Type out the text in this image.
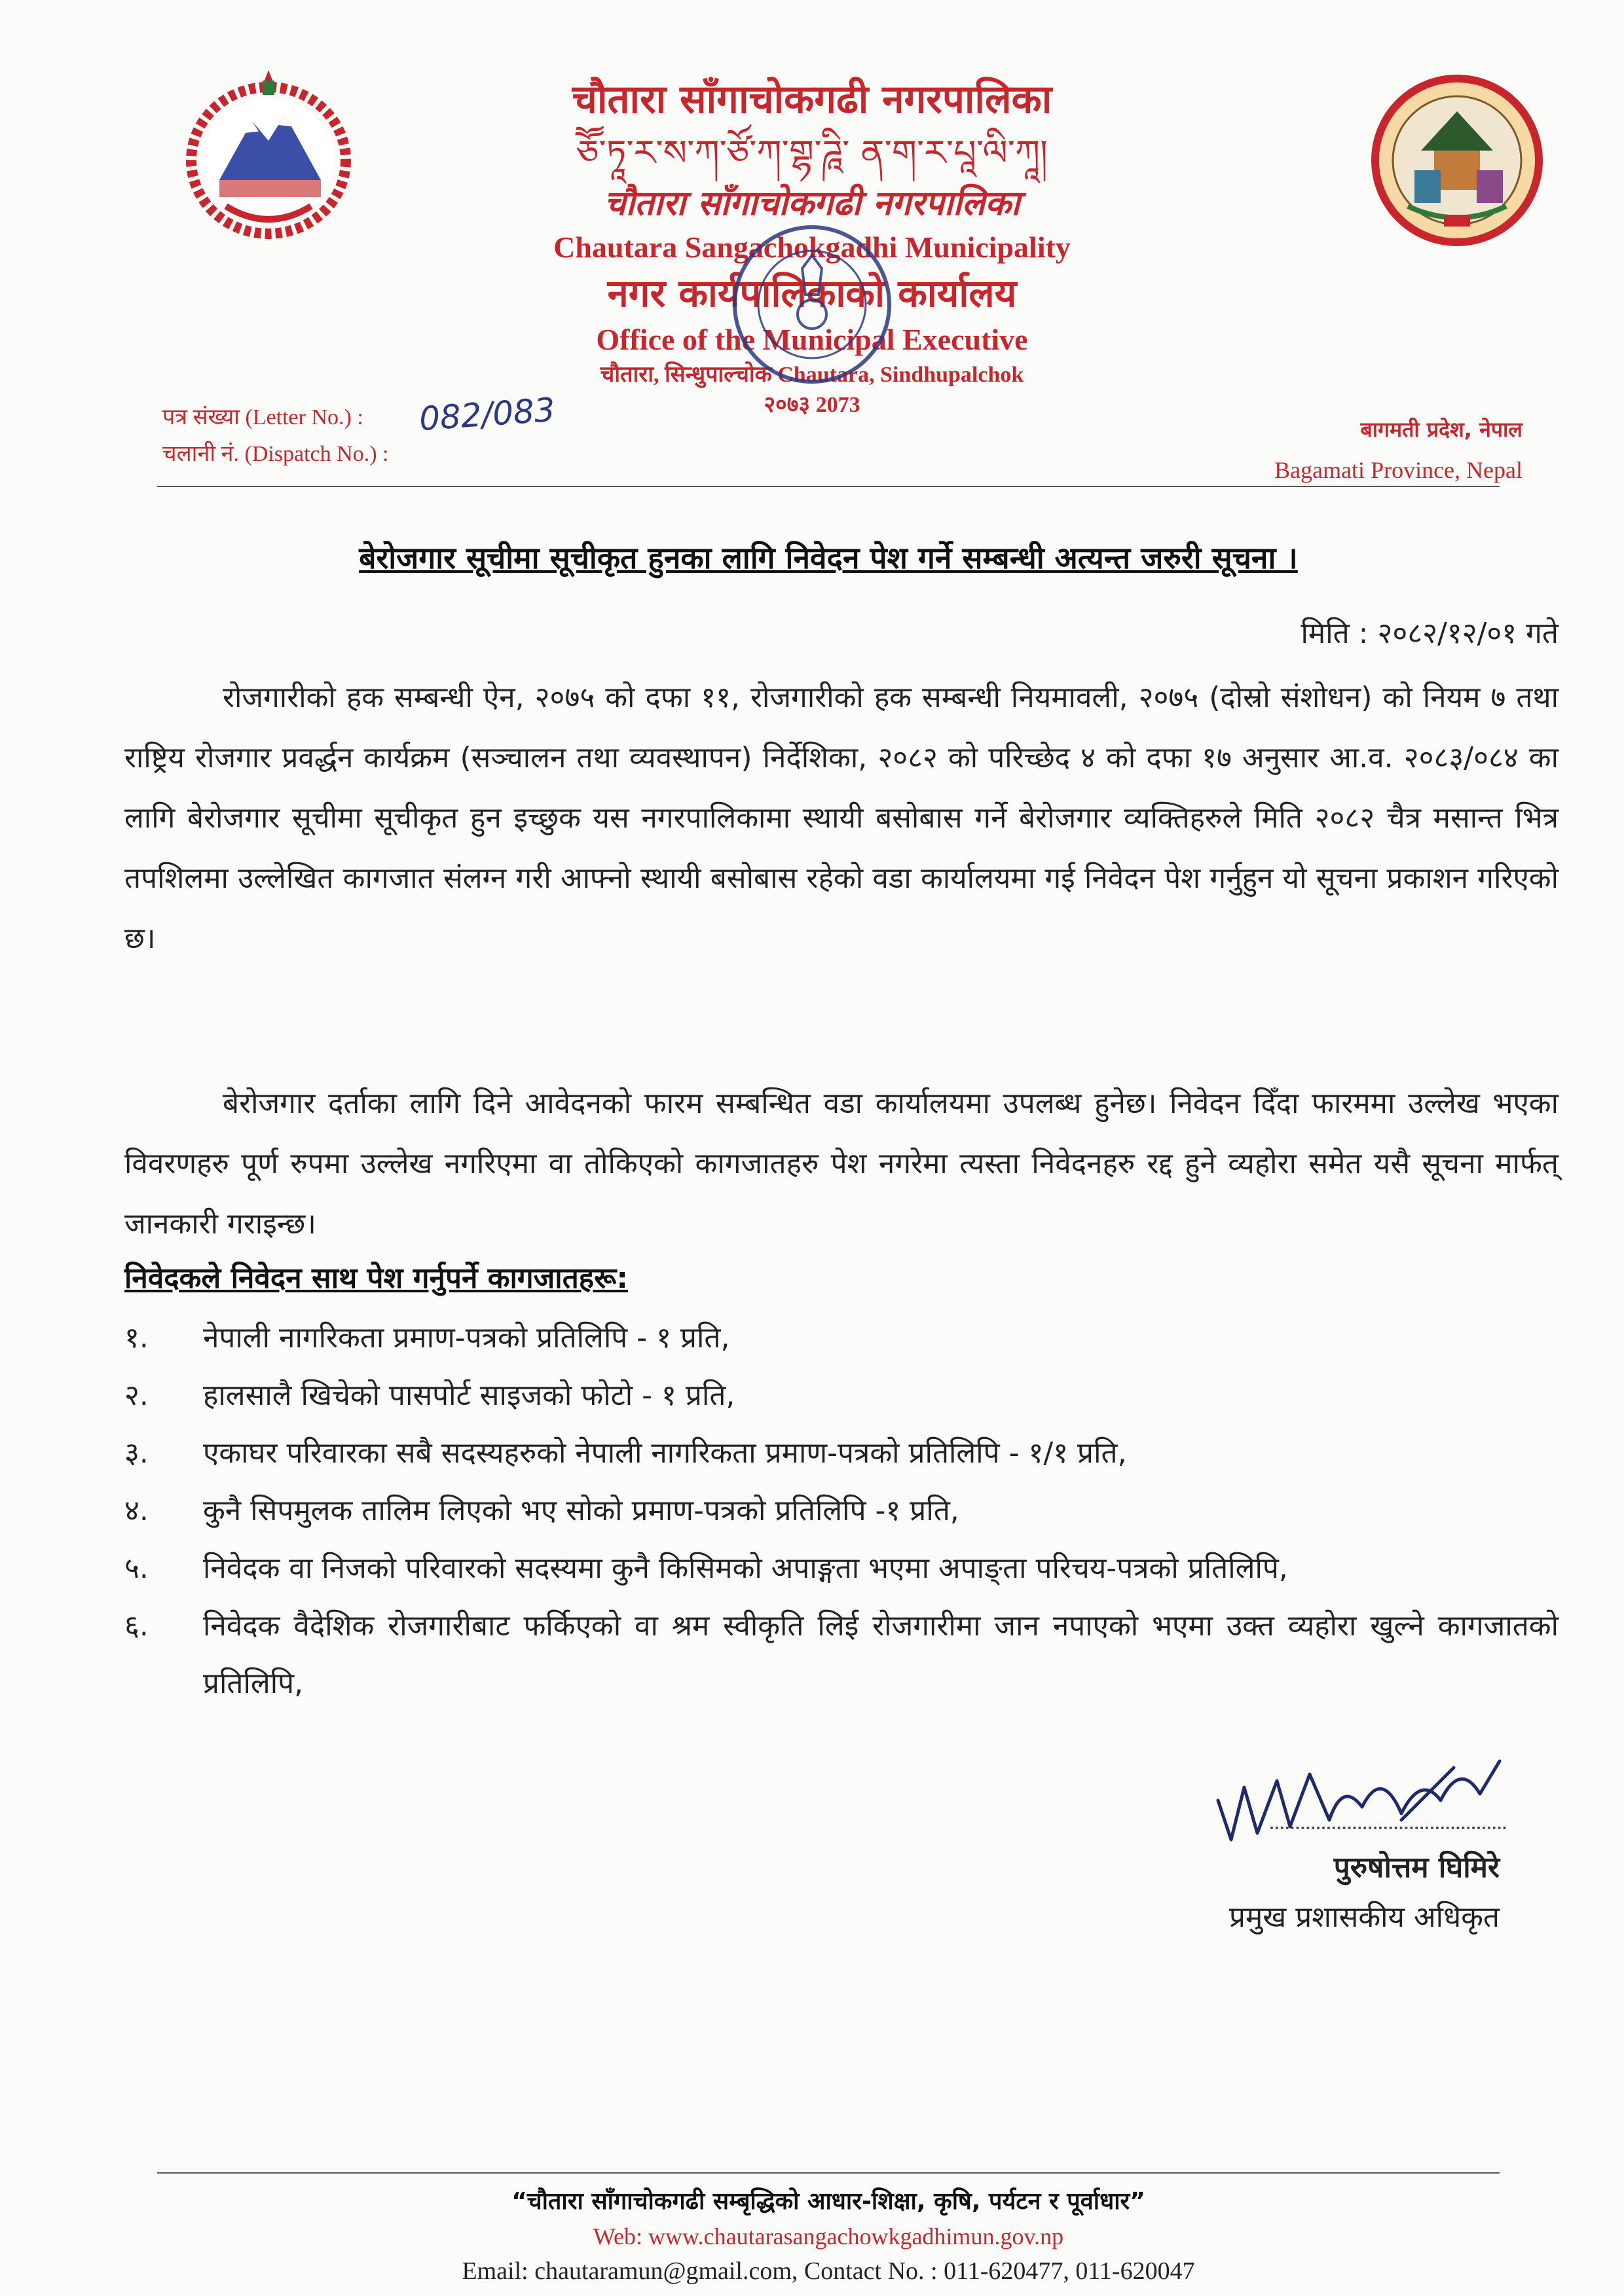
चौतारा साँगाचोकगढी नगरपालिका
ཅཽ་ཏཱ་ར་ས་ཀ་ཙོ་ཀ་གྷ་ཌཱི་ ན་ག་ར་པཱ་ལི་ཀཱ།
चौतारा साँगाचोकगढी नगरपालिका
Chautara Sangachokgadhi Municipality
नगर कार्यपालिकाको कार्यालय
Office of the Municipal Executive
चौतारा, सिन्धुपाल्चोक Chautara, Sindhupalchok
२०७३ 2073
पत्र संख्या (Letter No.) :
चलानी नं. (Dispatch No.) :
082/083	बागमती प्रदेश, नेपाल
Bagamati Province, Nepal
बेरोजगार सूचीमा सूचीकृत हुनका लागि निवेदन पेश गर्ने सम्बन्धी अत्यन्त जरुरी सूचना ।
मिति : २०८२/१२/०१ गते
रोजगारीको हक सम्बन्धी ऐन, २०७५ को दफा ११, रोजगारीको हक सम्बन्धी नियमावली, २०७५ (दोस्रो संशोधन) को नियम ७ तथा राष्ट्रिय रोजगार प्रवर्द्धन कार्यक्रम (सञ्चालन तथा व्यवस्थापन) निर्देशिका, २०८२ को परिच्छेद ४ को दफा १७ अनुसार आ.व. २०८३/०८४ का लागि बेरोजगार सूचीमा सूचीकृत हुन इच्छुक यस नगरपालिकामा स्थायी बसोबास गर्ने बेरोजगार व्यक्तिहरुले मिति २०८२ चैत्र मसान्त भित्र तपशिलमा उल्लेखित कागजात संलग्न गरी आफ्नो स्थायी बसोबास रहेको वडा कार्यालयमा गई निवेदन पेश गर्नुहुन यो सूचना प्रकाशन गरिएको छ।
बेरोजगार दर्ताका लागि दिने आवेदनको फारम सम्बन्धित वडा कार्यालयमा उपलब्ध हुनेछ। निवेदन दिँदा फारममा उल्लेख भएका विवरणहरु पूर्ण रुपमा उल्लेख नगरिएमा वा तोकिएको कागजातहरु पेश नगरेमा त्यस्ता निवेदनहरु रद्द हुने व्यहोरा समेत यसै सूचना मार्फत् जानकारी गराइन्छ।
निवेदकले निवेदन साथ पेश गर्नुपर्ने कागजातहरू:
१.	नेपाली नागरिकता प्रमाण-पत्रको प्रतिलिपि - १ प्रति,
२.	हालसालै खिचेको पासपोर्ट साइजको फोटो - १ प्रति,
३.	एकाघर परिवारका सबै सदस्यहरुको नेपाली नागरिकता प्रमाण-पत्रको प्रतिलिपि - १/१ प्रति,
४.	कुनै सिपमुलक तालिम लिएको भए सोको प्रमाण-पत्रको प्रतिलिपि -१ प्रति,
५.	निवेदक वा निजको परिवारको सदस्यमा कुनै किसिमको अपाङ्गता भएमा अपाङ्ता परिचय-पत्रको प्रतिलिपि,
६.	निवेदक वैदेशिक रोजगारीबाट फर्किएको वा श्रम स्वीकृति लिई रोजगारीमा जान नपाएको भएमा उक्त व्यहोरा खुल्ने कागजातको प्रतिलिपि,
पुरुषोत्तम घिमिरे
प्रमुख प्रशासकीय अधिकृत
“चौतारा साँगाचोकगढी सम्बृद्धिको आधार-शिक्षा, कृषि, पर्यटन र पूर्वाधार”
Web: www.chautarasangachowkgadhimun.gov.np
Email: chautaramun@gmail.com, Contact No. : 011-620477, 011-620047
